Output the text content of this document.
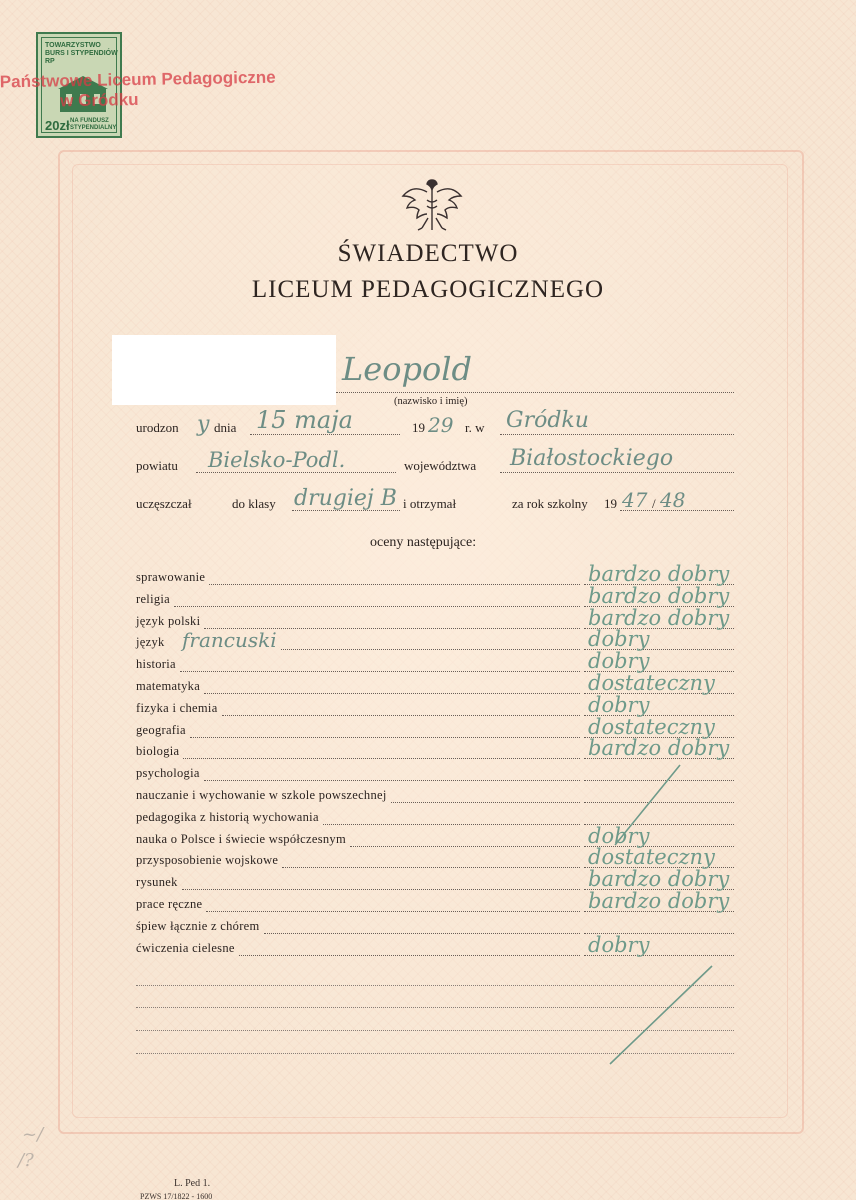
TOWARZYSTWO BURS I STYPENDIÓW RP
20zł NA FUNDUSZ STYPENDIALNY
Państwowe Liceum Pedagogiczne
w Gródku
ŚWIADECTWO
LICEUM PEDAGOGICZNEGO
Leopold
(nazwisko i imię)
urodzon y dnia 15 maja	19 29 r. w Gródku
powiatu Bielsko-Podl.	województwa Białostockiego
uczęszczał	do klasy drugiej B i otrzymał	za rok szkolny 19 47 / 48
oceny następujące:
sprawowanie	bardzo dobry
religia	bardzo dobry
język polski	bardzo dobry
język francuski	dobry
historia	dobry
matematyka	dostateczny
fizyka i chemia	dobry
geografia	dostateczny
biologia	bardzo dobry
psychologia
nauczanie i wychowanie w szkole powszechnej
pedagogika z historią wychowania
nauka o Polsce i świecie współczesnym	dobry
przysposobienie wojskowe	dostateczny
rysunek	bardzo dobry
prace ręczne	bardzo dobry
śpiew łącznie z chórem
ćwiczenia cielesne	dobry
~/
/?
L. Ped 1.
PZWS 17/1822 - 1600
